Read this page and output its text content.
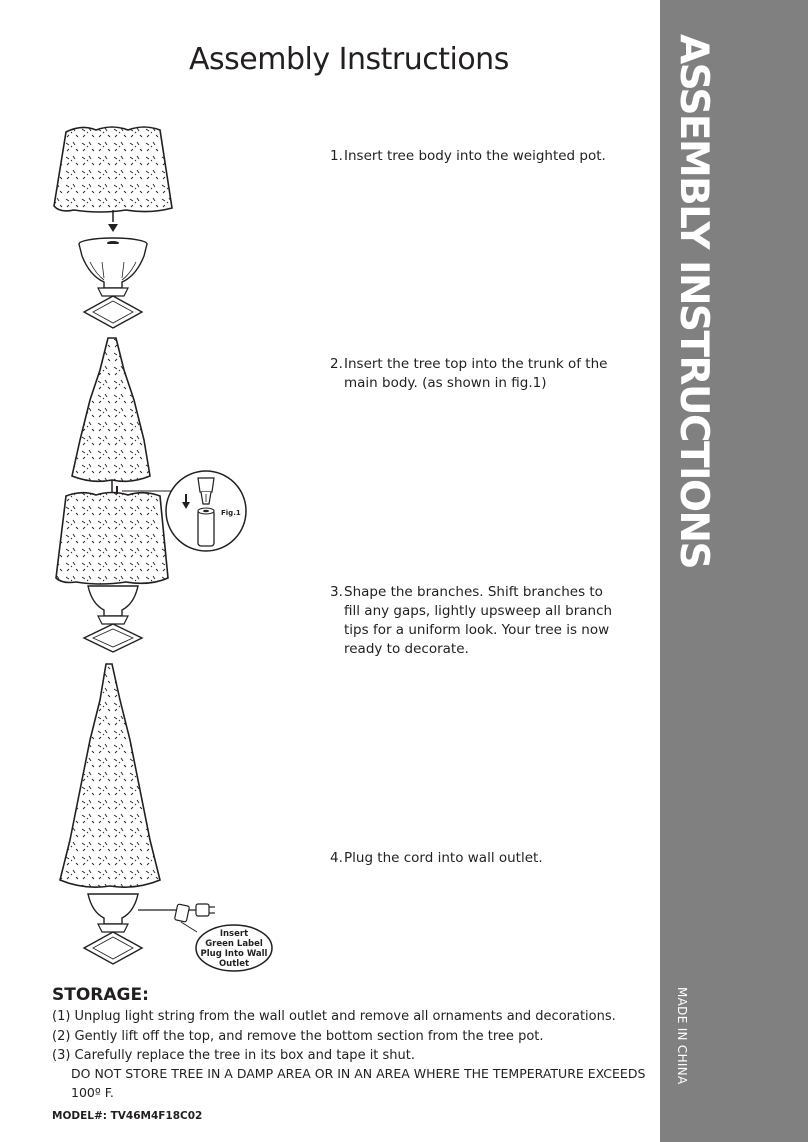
ASSEMBLY INSTRUCTIONS
MADE IN CHINA
Assembly Instructions

1. Insert tree body into the weighted pot.

2. Insert the tree top into the trunk of the main body. (as shown in fig.1)

3. Shape the branches. Shift branches to fill any gaps, lightly upsweep all branch tips for a uniform look. Your tree is now ready to decorate.

4. Plug the cord into wall outlet.

Fig.1
Insert
Green Label
Plug Into Wall
Outlet
STORAGE:
(1) Unplug light string from the wall outlet and remove all ornaments and decorations.
(2) Gently lift off the top, and remove the bottom section from the tree pot.
(3) Carefully replace the tree in its box and tape it shut.

DO NOT STORE TREE IN A DAMP AREA OR IN AN AREA WHERE THE TEMPERATURE EXCEEDS 100º F.

MODEL#: TV46M4F18C02
